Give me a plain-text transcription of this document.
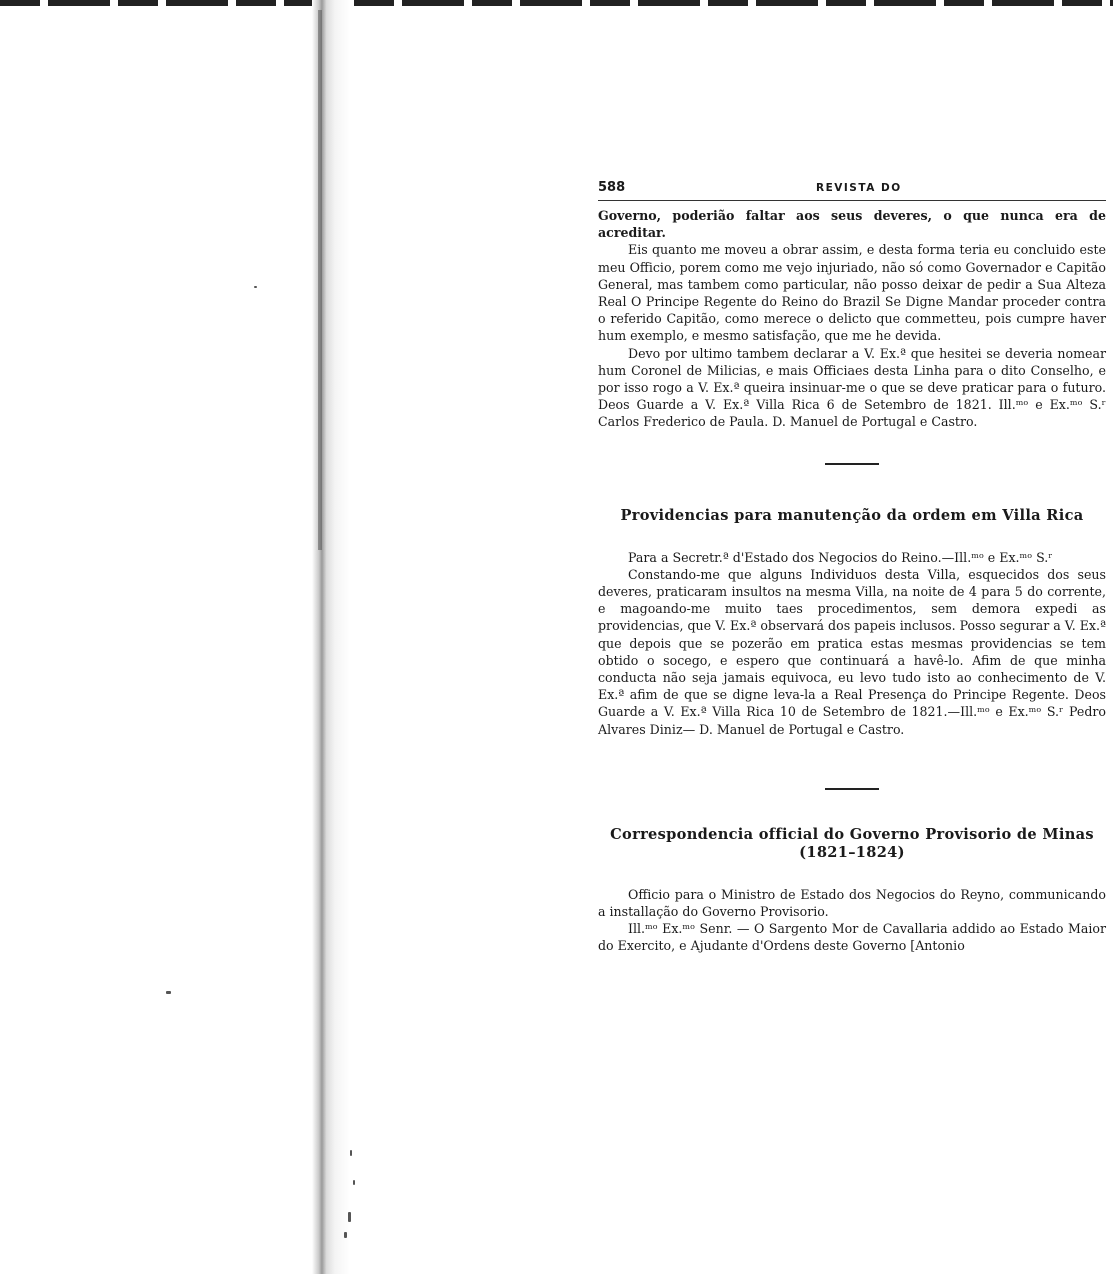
588	REVISTA DO

Governo, poderião faltar aos seus deveres, o que nunca era de acreditar.

Eis quanto me moveu a obrar assim, e desta forma teria eu concluido este meu Officio, porem como me vejo injuriado, não só como Governador e Capitão General, mas tambem como particular, não posso deixar de pedir a Sua Alteza Real O Principe Regente do Reino do Brazil Se Digne Mandar proceder contra o referido Capitão, como merece o delicto que commetteu, pois cumpre haver hum exemplo, e mesmo satisfação, que me he devida.

Devo por ultimo tambem declarar a V. Ex.ª que hesitei se deveria nomear hum Coronel de Milicias, e mais Officiaes desta Linha para o dito Conselho, e por isso rogo a V. Ex.ª queira insinuar-me o que se deve praticar para o futuro. Deos Guarde a V. Ex.ª Villa Rica 6 de Setembro de 1821. Ill.ᵐᵒ e Ex.ᵐᵒ S.ʳ Carlos Frederico de Paula. D. Manuel de Portugal e Castro.

Providencias para manutenção da ordem em Villa Rica

Para a Secretr.ª d'Estado dos Negocios do Reino.—Ill.ᵐᵒ e Ex.ᵐᵒ S.ʳ

Constando-me que alguns Individuos desta Villa, esquecidos dos seus deveres, praticaram insultos na mesma Villa, na noite de 4 para 5 do corrente, e magoando-me muito taes procedimentos, sem demora expedi as providencias, que V. Ex.ª observará dos papeis inclusos. Posso segurar a V. Ex.ª que depois que se pozerão em pratica estas mesmas providencias se tem obtido o socego, e espero que continuará a havê-lo. Afim de que minha conducta não seja jamais equivoca, eu levo tudo isto ao conhecimento de V. Ex.ª afim de que se digne leva-la a Real Presença do Principe Regente. Deos Guarde a V. Ex.ª Villa Rica 10 de Setembro de 1821.—Ill.ᵐᵒ e Ex.ᵐᵒ S.ʳ Pedro Alvares Diniz— D. Manuel de Portugal e Castro.

Correspondencia official do Governo Provisorio de Minas (1821–1824)

Officio para o Ministro de Estado dos Negocios do Reyno, communicando a installação do Governo Provisorio.

Ill.ᵐᵒ Ex.ᵐᵒ Senr. — O Sargento Mor de Cavallaria addido ao Estado Maior do Exercito, e Ajudante d'Ordens deste Governo [Antonio
